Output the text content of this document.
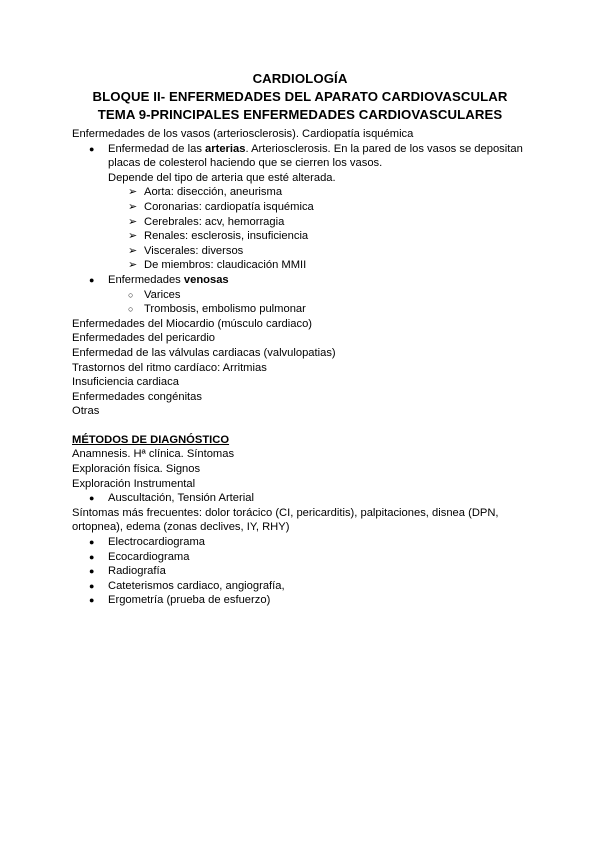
CARDIOLOGÍA
BLOQUE II- ENFERMEDADES DEL APARATO CARDIOVASCULAR
TEMA 9-PRINCIPALES ENFERMEDADES CARDIOVASCULARES
Enfermedades de los vasos (arteriosclerosis). Cardiopatía isquémica
● Enfermedad de las arterias. Arteriosclerosis. En la pared de los vasos se depositan placas de colesterol haciendo que se cierren los vasos.
Depende del tipo de arteria que esté alterada.
➢ Aorta: disección, aneurisma
➢ Coronarias: cardiopatía isquémica
➢ Cerebrales: acv, hemorragia
➢ Renales: esclerosis, insuficiencia
➢ Viscerales: diversos
➢ De miembros: claudicación MMII
● Enfermedades venosas
○ Varices
○ Trombosis, embolismo pulmonar
Enfermedades del Miocardio (músculo cardiaco)
Enfermedades del pericardio
Enfermedad de las válvulas cardiacas (valvulopatias)
Trastornos del ritmo cardíaco: Arritmias
Insuficiencia cardiaca
Enfermedades congénitas
Otras
MÉTODOS DE DIAGNÓSTICO
Anamnesis. Hª clínica. Síntomas
Exploración física. Signos
Exploración Instrumental
● Auscultación, Tensión Arterial
Síntomas más frecuentes: dolor torácico (CI, pericarditis), palpitaciones, disnea (DPN, ortopnea), edema (zonas declives, IY, RHY)
● Electrocardiograma
● Ecocardiograma
● Radiografía
● Cateterismos cardiaco, angiografía,
● Ergometría (prueba de esfuerzo)
